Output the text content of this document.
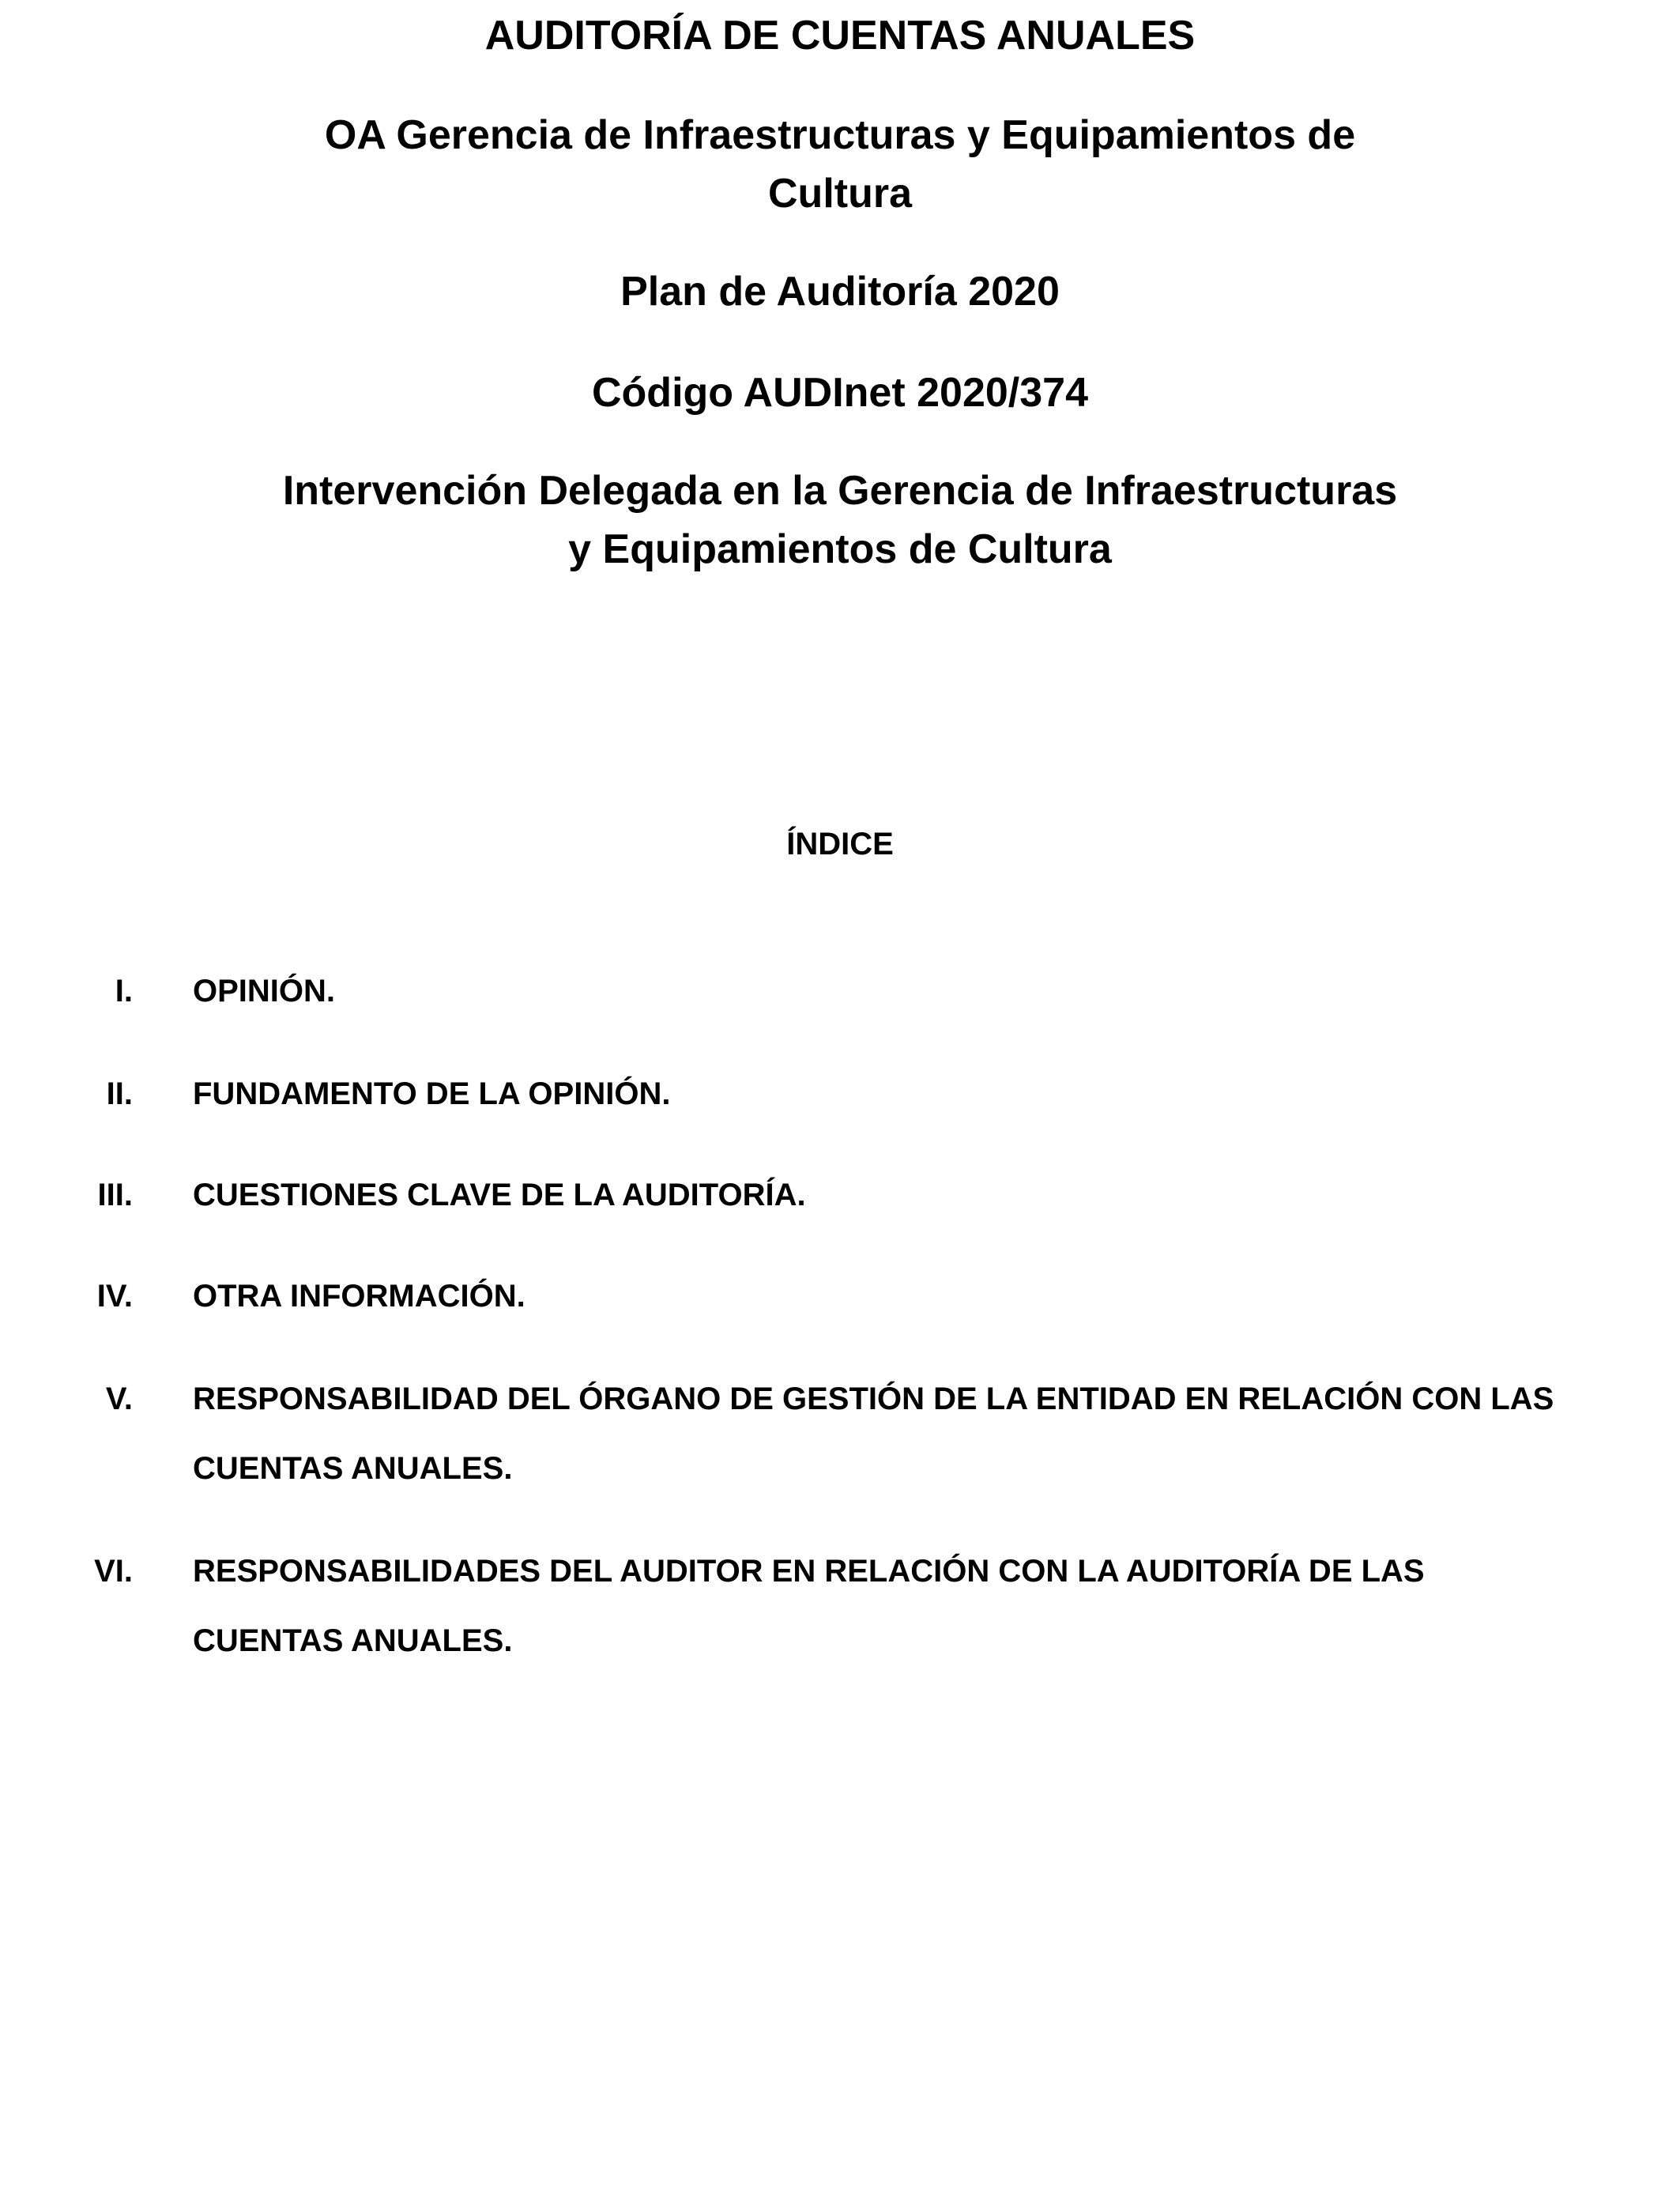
AUDITORÍA DE CUENTAS ANUALES
OA Gerencia de Infraestructuras y Equipamientos de
Cultura
Plan de Auditoría 2020
Código AUDInet 2020/374
Intervención Delegada en la Gerencia de Infraestructuras
y Equipamientos de Cultura
ÍNDICE
I. OPINIÓN.
II. FUNDAMENTO DE LA OPINIÓN.
III. CUESTIONES CLAVE DE LA AUDITORÍA.
IV. OTRA INFORMACIÓN.
V. RESPONSABILIDAD DEL ÓRGANO DE GESTIÓN DE LA ENTIDAD EN RELACIÓN CON LAS CUENTAS ANUALES.
VI. RESPONSABILIDADES DEL AUDITOR EN RELACIÓN CON LA AUDITORÍA DE LAS CUENTAS ANUALES.
